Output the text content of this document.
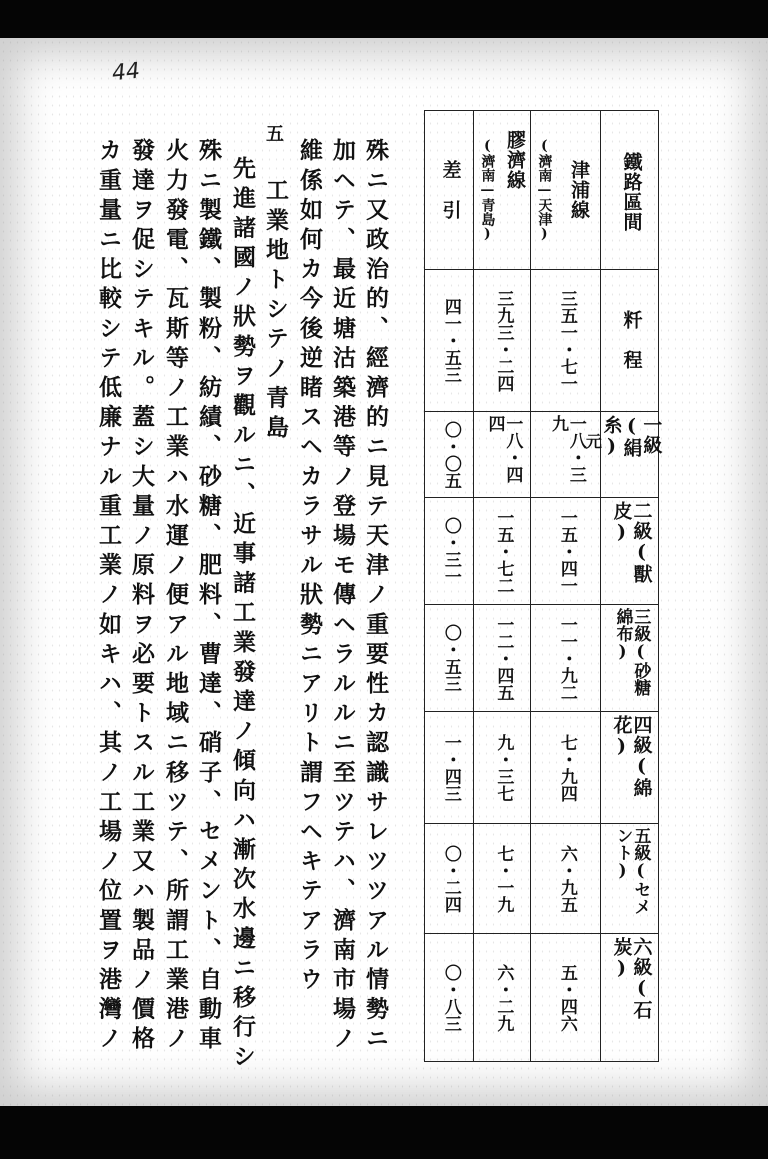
44
鐵路區間
粁　程
一級(絹糸)
二級(獸皮)
三級(砂糖綿布)
四級(綿花)
五級(セメント)
六級(石炭)
津浦線
(濟南—天津)
膠濟線
(濟南—青島)
差　引
三五一・七一
三九三・二四
四一・五三
一八・三九
一八・四四
〇・〇五	元
一五・四一
一五・七二
〇・三一
一一・九二
一二・四五
〇・五三
七・九四
九・三七
一・四三
六・九五
七・一九
〇・二四
五・四六
六・二九
〇・八三
殊ニ又政治的、經濟的ニ見テ天津ノ重要性カ認識サレツツアル情勢ニ
加ヘテ、最近塘沽築港等ノ登場モ傳ヘラルルニ至ツテハ、濟南市場ノ
維係如何カ今後逆睹スヘカラサル狀勢ニアリト謂フヘキテアラウ
五
工業地トシテノ青島
先進諸國ノ狀勢ヲ觀ルニ、近事諸工業發達ノ傾向ハ漸次水邊ニ移行シ
殊ニ製鐵、製粉、紡績、砂糖、肥料、曹達、硝子、セメント、自動車
火力發電、瓦斯等ノ工業ハ水運ノ便アル地域ニ移ツテ、所謂工業港ノ
發達ヲ促シテキル。蓋シ大量ノ原料ヲ必要トスル工業又ハ製品ノ價格
カ重量ニ比較シテ低廉ナル重工業ノ如キハ、其ノ工場ノ位置ヲ港灣ノ
